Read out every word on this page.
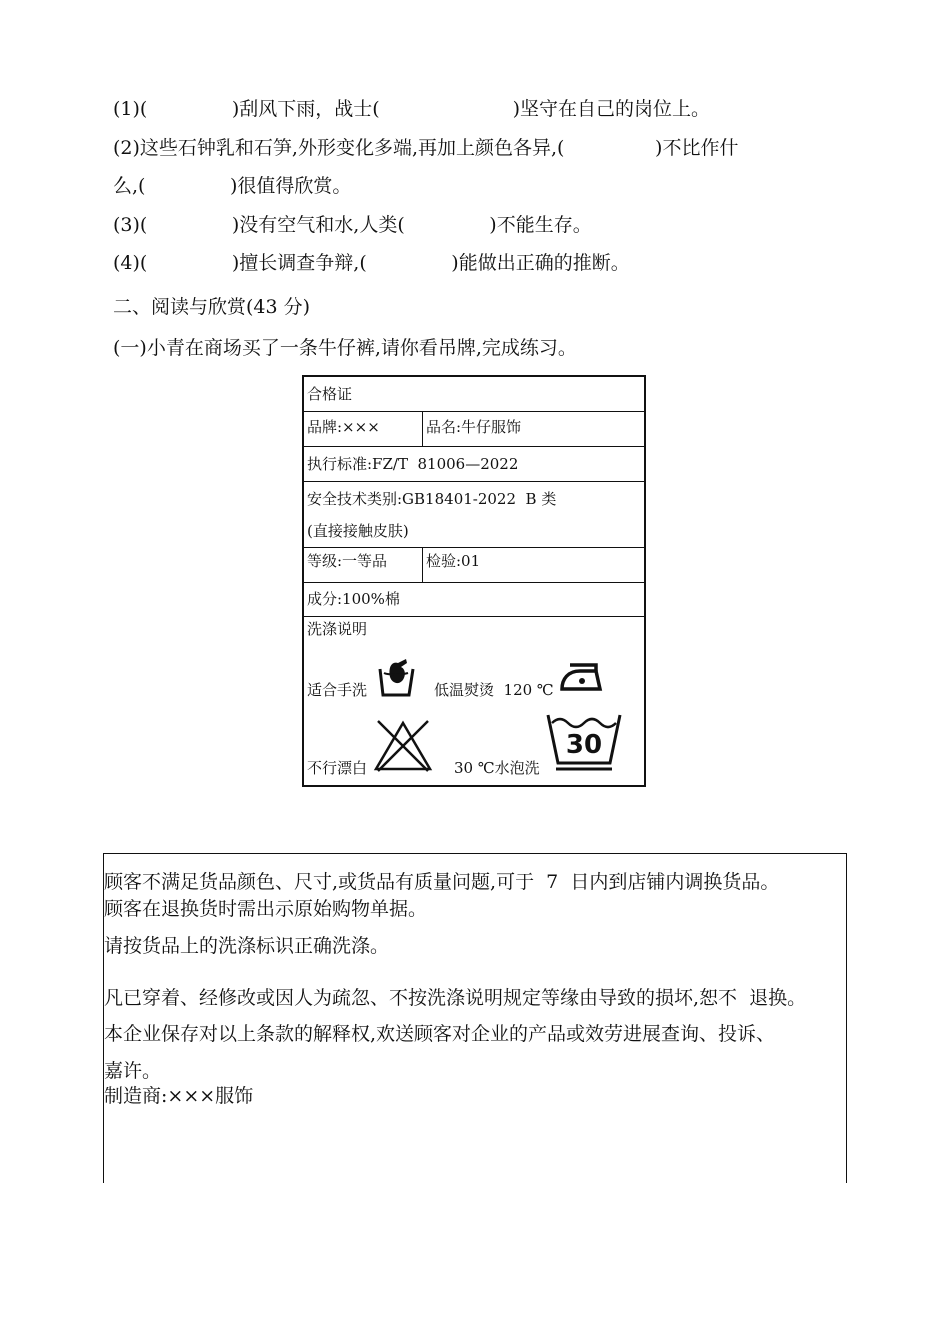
(1)(              )刮风下雨，战士(                      )坚守在自己的岗位上。
(2)这些石钟乳和石笋,外形变化多端,再加上颜色各异,(               )不比作什
么,(              )很值得欣赏。
(3)(              )没有空气和水,人类(              )不能生存。
(4)(              )擅长调查争辩,(              )能做出正确的推断。
二、阅读与欣赏(43 分)
(一)小青在商场买了一条牛仔裤,请你看吊牌,完成练习。
合格证
品牌:×××	品名:牛仔服饰
执行标准:FZ/T  81006—2022
安全技术类别:GB18401-2022  B 类
(直接接触皮肤)
等级:一等品	检验:01
成分:100%棉
洗涤说明
适合手洗	低温熨烫  120 ℃
不行漂白	30 ℃水泡洗
30
顾客不满足货品颜色、尺寸,或货品有质量问题,可于  7  日内到店铺内调换货品。
顾客在退换货时需出示原始购物单据。
请按货品上的洗涤标识正确洗涤。
凡已穿着、经修改或因人为疏忽、不按洗涤说明规定等缘由导致的损坏,恕不  退换。
本企业保存对以上条款的解释权,欢送顾客对企业的产品或效劳进展查询、投诉、
嘉许。
制造商:×××服饰
